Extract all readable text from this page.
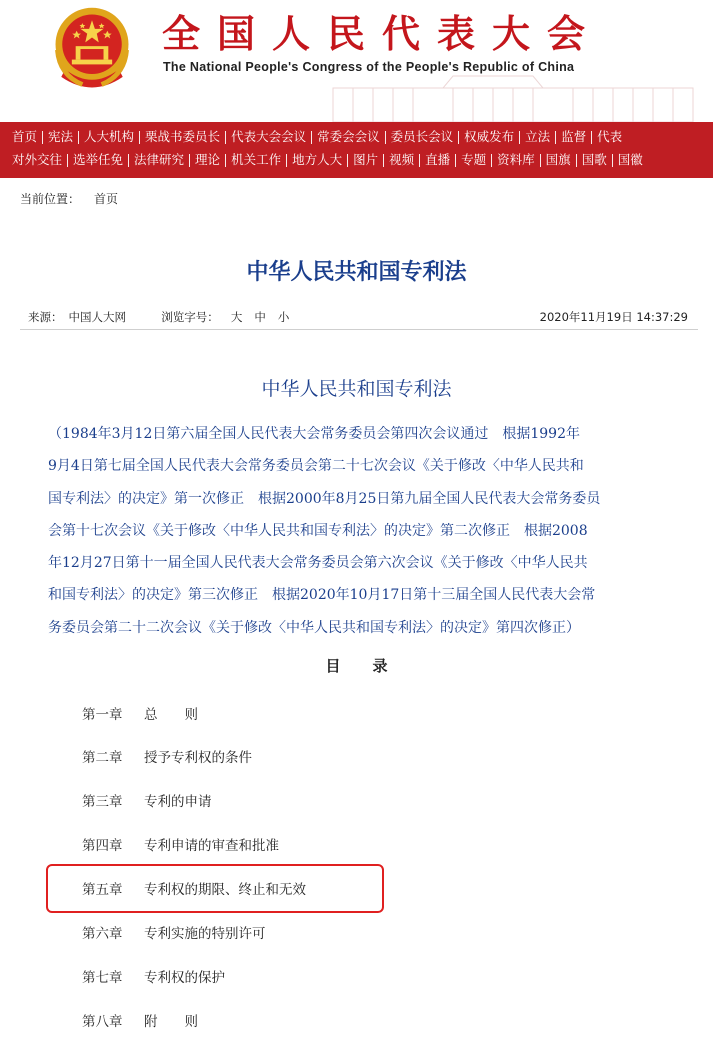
全国人民代表大会
The National People's Congress of the People's Republic of China
首页 宪法 人大机构 栗战书委员长 代表大会会议 常委会会议 委员长会议 权威发布 立法 监督 代表
对外交往 选举任免 法律研究 理论 机关工作 地方人大 图片 视频 直播 专题 资料库 国旗 国歌 国徽
当前位置： 首页
中华人民共和国专利法
来源： 中国人大网	浏览字号： 大 中 小	2020年11月19日 14:37:29
中华人民共和国专利法
（1984年3月12日第六届全国人民代表大会常务委员会第四次会议通过　根据1992年
9月4日第七届全国人民代表大会常务委员会第二十七次会议《关于修改〈中华人民共和
国专利法〉的决定》第一次修正　根据2000年8月25日第九届全国人民代表大会常务委员
会第十七次会议《关于修改〈中华人民共和国专利法〉的决定》第二次修正　根据2008
年12月27日第十一届全国人民代表大会常务委员会第六次会议《关于修改〈中华人民共
和国专利法〉的决定》第三次修正　根据2020年10月17日第十三届全国人民代表大会常
务委员会第二十二次会议《关于修改〈中华人民共和国专利法〉的决定》第四次修正）
目录
第一章 总　　则
第二章 授予专利权的条件
第三章 专利的申请
第四章 专利申请的审查和批准
第五章 专利权的期限、终止和无效
第六章 专利实施的特别许可
第七章 专利权的保护
第八章 附　　则
